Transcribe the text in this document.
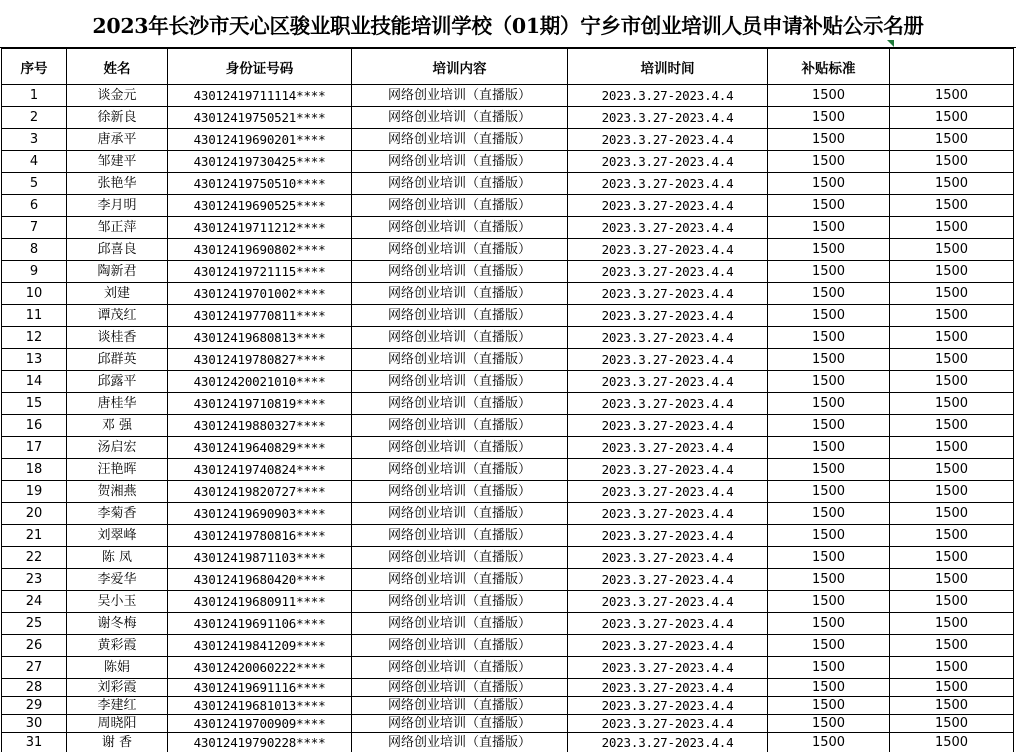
2023年长沙市天心区骏业职业技能培训学校（01期）宁乡市创业培训人员申请补贴公示名册
序号	姓名	身份证号码	培训内容	培训时间	补贴标准	
1	谈金元	43012419711114****	网络创业培训（直播版）	2023.3.27-2023.4.4	1500	1500
2	徐新良	43012419750521****	网络创业培训（直播版）	2023.3.27-2023.4.4	1500	1500
3	唐承平	43012419690201****	网络创业培训（直播版）	2023.3.27-2023.4.4	1500	1500
4	邹建平	43012419730425****	网络创业培训（直播版）	2023.3.27-2023.4.4	1500	1500
5	张艳华	43012419750510****	网络创业培训（直播版）	2023.3.27-2023.4.4	1500	1500
6	李月明	43012419690525****	网络创业培训（直播版）	2023.3.27-2023.4.4	1500	1500
7	邹正萍	43012419711212****	网络创业培训（直播版）	2023.3.27-2023.4.4	1500	1500
8	邱喜良	43012419690802****	网络创业培训（直播版）	2023.3.27-2023.4.4	1500	1500
9	陶新君	43012419721115****	网络创业培训（直播版）	2023.3.27-2023.4.4	1500	1500
10	刘建	43012419701002****	网络创业培训（直播版）	2023.3.27-2023.4.4	1500	1500
11	谭茂红	43012419770811****	网络创业培训（直播版）	2023.3.27-2023.4.4	1500	1500
12	谈桂香	43012419680813****	网络创业培训（直播版）	2023.3.27-2023.4.4	1500	1500
13	邱群英	43012419780827****	网络创业培训（直播版）	2023.3.27-2023.4.4	1500	1500
14	邱露平	43012420021010****	网络创业培训（直播版）	2023.3.27-2023.4.4	1500	1500
15	唐桂华	43012419710819****	网络创业培训（直播版）	2023.3.27-2023.4.4	1500	1500
16	邓 强	43012419880327****	网络创业培训（直播版）	2023.3.27-2023.4.4	1500	1500
17	汤启宏	43012419640829****	网络创业培训（直播版）	2023.3.27-2023.4.4	1500	1500
18	汪艳晖	43012419740824****	网络创业培训（直播版）	2023.3.27-2023.4.4	1500	1500
19	贺湘燕	43012419820727****	网络创业培训（直播版）	2023.3.27-2023.4.4	1500	1500
20	李菊香	43012419690903****	网络创业培训（直播版）	2023.3.27-2023.4.4	1500	1500
21	刘翠峰	43012419780816****	网络创业培训（直播版）	2023.3.27-2023.4.4	1500	1500
22	陈 凤	43012419871103****	网络创业培训（直播版）	2023.3.27-2023.4.4	1500	1500
23	李爱华	43012419680420****	网络创业培训（直播版）	2023.3.27-2023.4.4	1500	1500
24	吴小玉	43012419680911****	网络创业培训（直播版）	2023.3.27-2023.4.4	1500	1500
25	谢冬梅	43012419691106****	网络创业培训（直播版）	2023.3.27-2023.4.4	1500	1500
26	黄彩霞	43012419841209****	网络创业培训（直播版）	2023.3.27-2023.4.4	1500	1500
27	陈娟	43012420060222****	网络创业培训（直播版）	2023.3.27-2023.4.4	1500	1500
28	刘彩霞	43012419691116****	网络创业培训（直播版）	2023.3.27-2023.4.4	1500	1500
29	李建红	43012419681013****	网络创业培训（直播版）	2023.3.27-2023.4.4	1500	1500
30	周晓阳	43012419700909****	网络创业培训（直播版）	2023.3.27-2023.4.4	1500	1500
31	谢 香	43012419790228****	网络创业培训（直播版）	2023.3.27-2023.4.4	1500	1500
